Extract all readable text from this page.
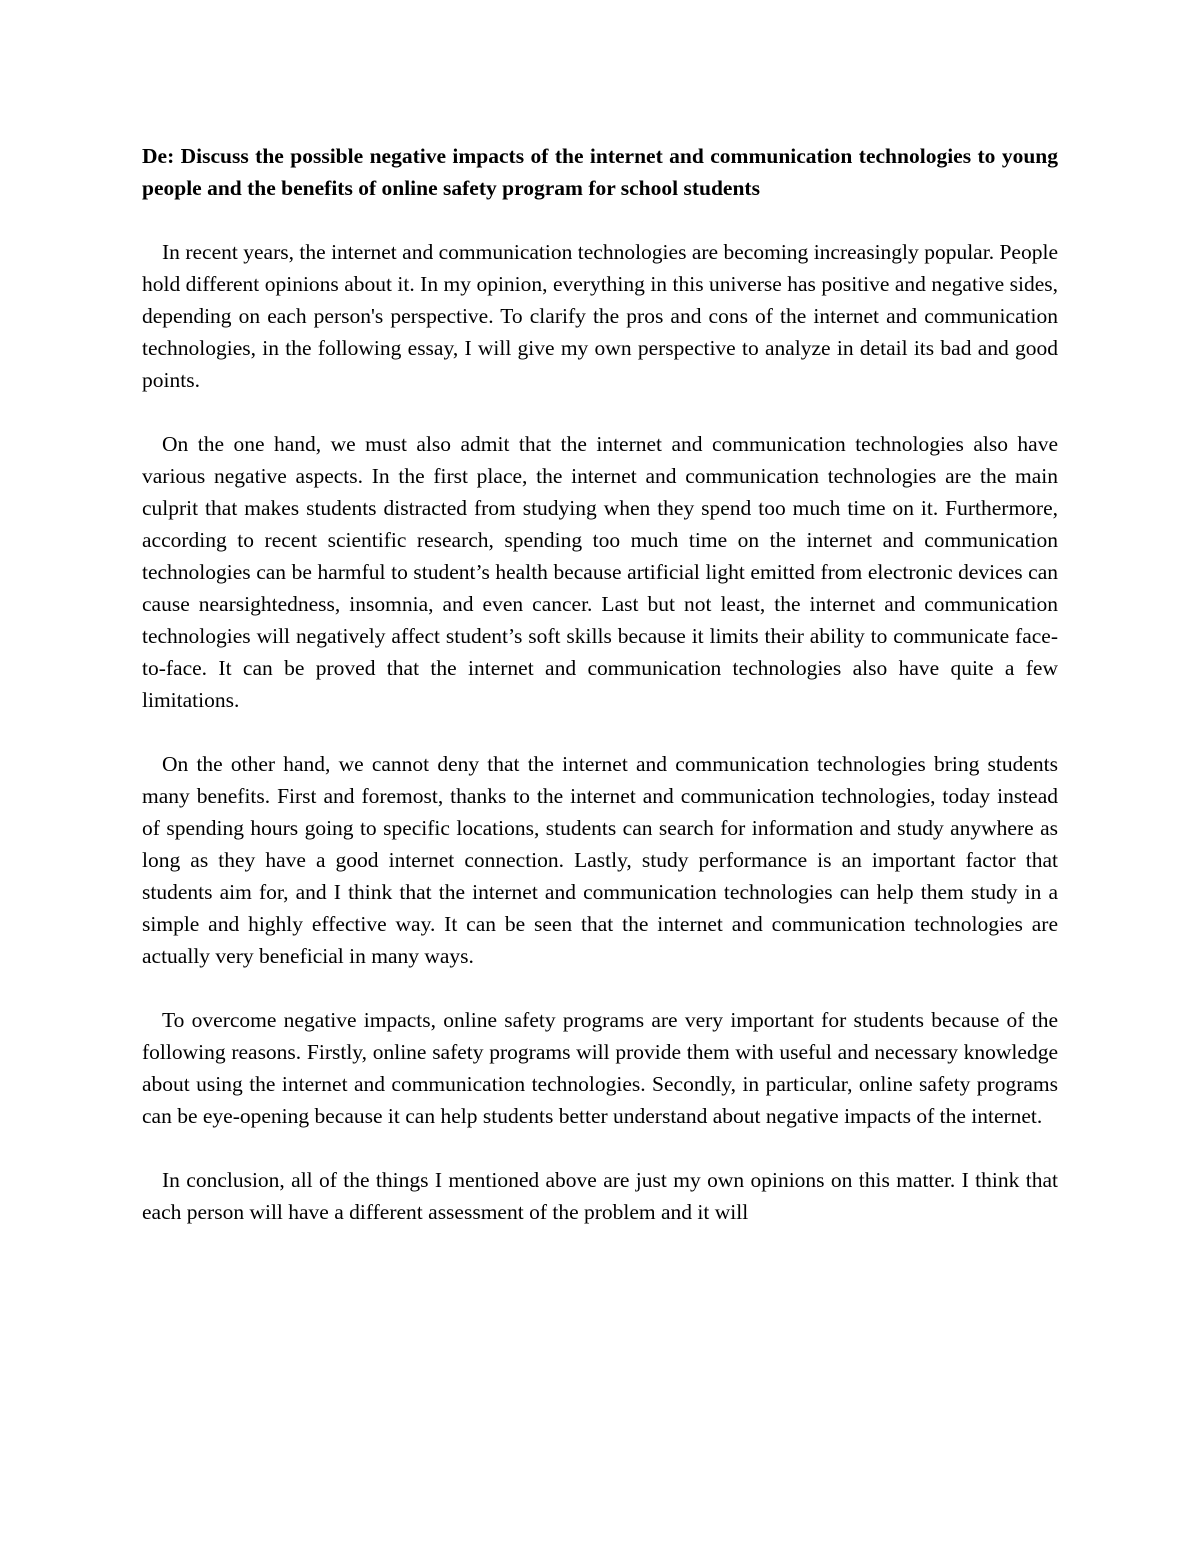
De: Discuss the possible negative impacts of the internet and communication technologies to young people and the benefits of online safety program for school students

In recent years, the internet and communication technologies are becoming increasingly popular. People hold different opinions about it. In my opinion, everything in this universe has positive and negative sides, depending on each person's perspective. To clarify the pros and cons of the internet and communication technologies, in the following essay, I will give my own perspective to analyze in detail its bad and good points.

On the one hand, we must also admit that the internet and communication technologies also have various negative aspects. In the first place, the internet and communication technologies are the main culprit that makes students distracted from studying when they spend too much time on it. Furthermore, according to recent scientific research, spending too much time on the internet and communication technologies can be harmful to student’s health because artificial light emitted from electronic devices can cause nearsightedness, insomnia, and even cancer. Last but not least, the internet and communication technologies will negatively affect student’s soft skills because it limits their ability to communicate face-to-face. It can be proved that the internet and communication technologies also have quite a few limitations.

On the other hand, we cannot deny that the internet and communication technologies bring students many benefits. First and foremost, thanks to the internet and communication technologies, today instead of spending hours going to specific locations, students can search for information and study anywhere as long as they have a good internet connection. Lastly, study performance is an important factor that students aim for, and I think that the internet and communication technologies can help them study in a simple and highly effective way. It can be seen that the internet and communication technologies are actually very beneficial in many ways.

To overcome negative impacts, online safety programs are very important for students because of the following reasons. Firstly, online safety programs will provide them with useful and necessary knowledge about using the internet and communication technologies. Secondly, in particular, online safety programs can be eye-opening because it can help students better understand about negative impacts of the internet.

In conclusion, all of the things I mentioned above are just my own opinions on this matter. I think that each person will have a different assessment of the problem and it will
